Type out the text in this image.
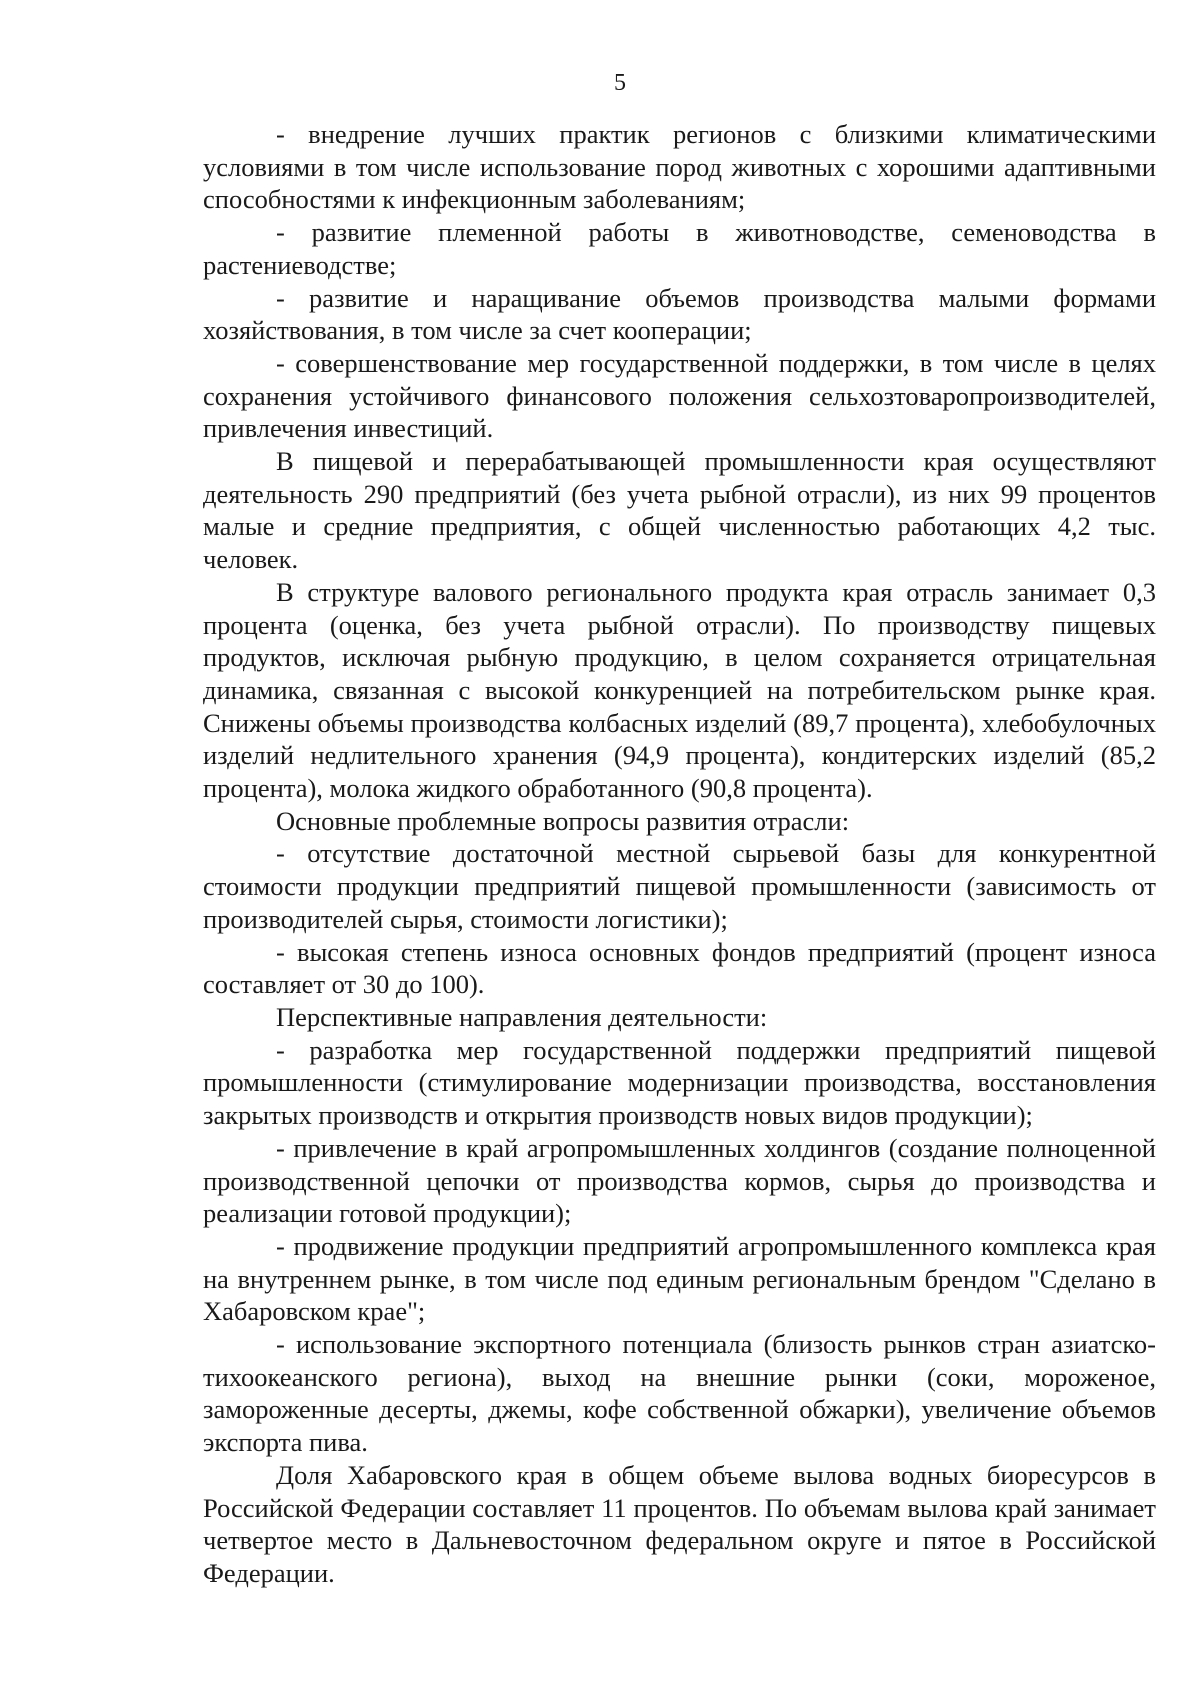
5

- внедрение лучших практик регионов с близкими климатическими условиями в том числе использование пород животных с хорошими адаптивными способностями к инфекционным заболеваниям;

- развитие племенной работы в животноводстве, семеноводства в растениеводстве;

- развитие и наращивание объемов производства малыми формами хозяйствования, в том числе за счет кооперации;

- совершенствование мер государственной поддержки, в том числе в целях сохранения устойчивого финансового положения сельхозтоваропроизводителей, привлечения инвестиций.

В пищевой и перерабатывающей промышленности края осуществляют деятельность 290 предприятий (без учета рыбной отрасли), из них 99 процентов малые и средние предприятия, с общей численностью работающих 4,2 тыс. человек.

В структуре валового регионального продукта края отрасль занимает 0,3 процента (оценка, без учета рыбной отрасли). По производству пищевых продуктов, исключая рыбную продукцию, в целом сохраняется отрицательная динамика, связанная с высокой конкуренцией на потребительском рынке края. Снижены объемы производства колбасных изделий (89,7 процента), хлебобулочных изделий недлительного хранения (94,9 процента), кондитерских изделий (85,2 процента), молока жидкого обработанного (90,8 процента).

Основные проблемные вопросы развития отрасли:

- отсутствие достаточной местной сырьевой базы для конкурентной стоимости продукции предприятий пищевой промышленности (зависимость от производителей сырья, стоимости логистики);

- высокая степень износа основных фондов предприятий (процент износа составляет от 30 до 100).

Перспективные направления деятельности:

- разработка мер государственной поддержки предприятий пищевой промышленности (стимулирование модернизации производства, восстановления закрытых производств и открытия производств новых видов продукции);

- привлечение в край агропромышленных холдингов (создание полноценной производственной цепочки от производства кормов, сырья до производства и реализации готовой продукции);

- продвижение продукции предприятий агропромышленного комплекса края на внутреннем рынке, в том числе под единым региональным брендом "Сделано в Хабаровском крае";

- использование экспортного потенциала (близость рынков стран азиатско-тихоокеанского региона), выход на внешние рынки (соки, мороженое, замороженные десерты, джемы, кофе собственной обжарки), увеличение объемов экспорта пива.

Доля Хабаровского края в общем объеме вылова водных биоресурсов в Российской Федерации составляет 11 процентов. По объемам вылова край занимает четвертое место в Дальневосточном федеральном округе и пятое в Российской Федерации.
